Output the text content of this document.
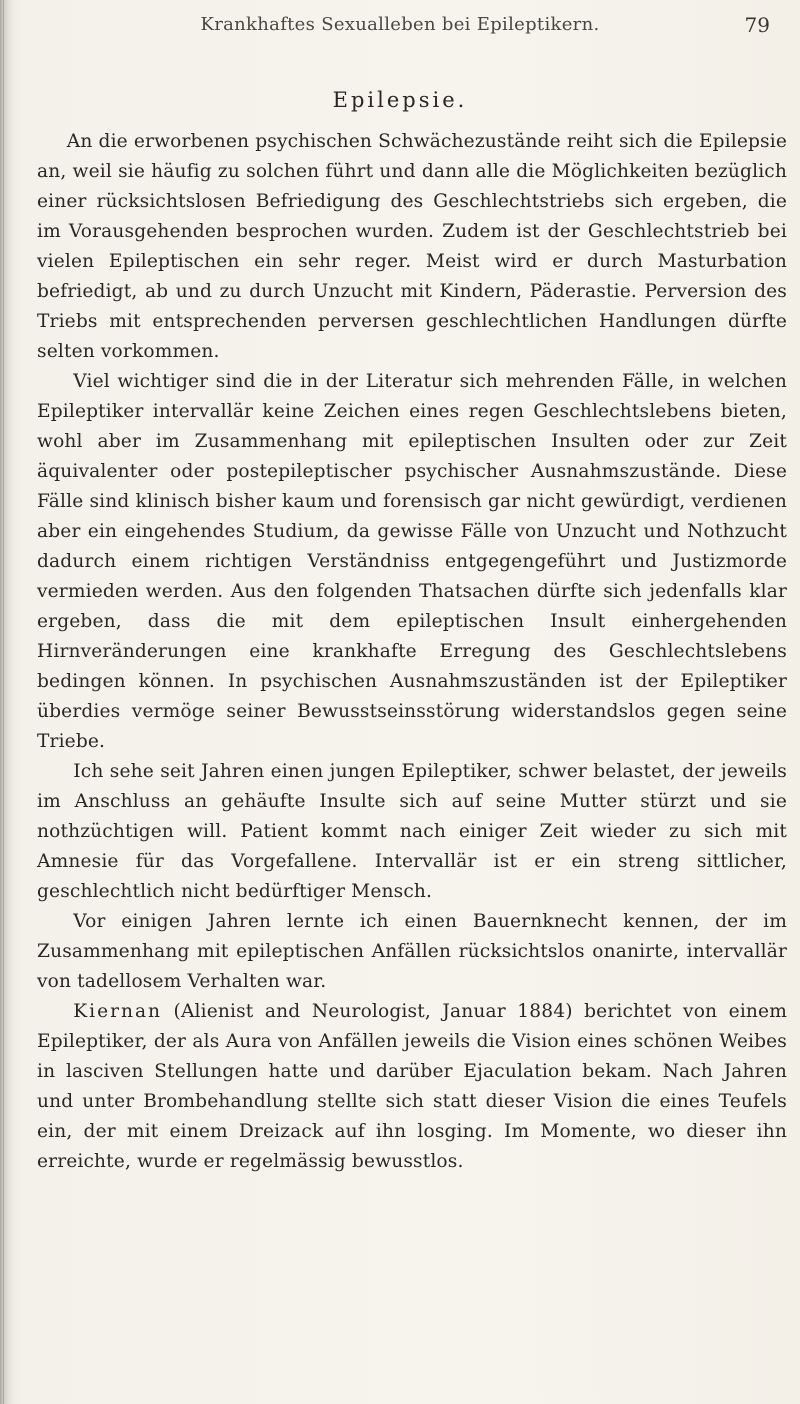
Krankhaftes Sexualleben bei Epileptikern.	79
Epilepsie.

An die erworbenen psychischen Schwächezustände reiht sich die Epilepsie an, weil sie häufig zu solchen führt und dann alle die Möglichkeiten bezüglich einer rücksichtslosen Befriedigung des Geschlechtstriebs sich ergeben, die im Vorausgehenden besprochen wurden. Zudem ist der Geschlechtstrieb bei vielen Epileptischen ein sehr reger. Meist wird er durch Masturbation befriedigt, ab und zu durch Unzucht mit Kindern, Päderastie. Perversion des Triebs mit entsprechenden perversen geschlechtlichen Handlungen dürfte selten vorkommen.

Viel wichtiger sind die in der Literatur sich mehrenden Fälle, in welchen Epileptiker intervallär keine Zeichen eines regen Geschlechtslebens bieten, wohl aber im Zusammenhang mit epileptischen Insulten oder zur Zeit äquivalenter oder postepileptischer psychischer Ausnahmszustände. Diese Fälle sind klinisch bisher kaum und forensisch gar nicht gewürdigt, verdienen aber ein eingehendes Studium, da gewisse Fälle von Unzucht und Nothzucht dadurch einem richtigen Verständniss entgegengeführt und Justizmorde vermieden werden. Aus den folgenden Thatsachen dürfte sich jedenfalls klar ergeben, dass die mit dem epileptischen Insult einhergehenden Hirnveränderungen eine krankhafte Erregung des Geschlechtslebens bedingen können. In psychischen Ausnahmszuständen ist der Epileptiker überdies vermöge seiner Bewusstseinsstörung widerstandslos gegen seine Triebe.

Ich sehe seit Jahren einen jungen Epileptiker, schwer belastet, der jeweils im Anschluss an gehäufte Insulte sich auf seine Mutter stürzt und sie nothzüchtigen will. Patient kommt nach einiger Zeit wieder zu sich mit Amnesie für das Vorgefallene. Intervallär ist er ein streng sittlicher, geschlechtlich nicht bedürftiger Mensch.

Vor einigen Jahren lernte ich einen Bauernknecht kennen, der im Zusammenhang mit epileptischen Anfällen rücksichtslos onanirte, intervallär von tadellosem Verhalten war.

Kiernan (Alienist and Neurologist, Januar 1884) berichtet von einem Epileptiker, der als Aura von Anfällen jeweils die Vision eines schönen Weibes in lasciven Stellungen hatte und darüber Ejaculation bekam. Nach Jahren und unter Brombehandlung stellte sich statt dieser Vision die eines Teufels ein, der mit einem Dreizack auf ihn losging. Im Momente, wo dieser ihn erreichte, wurde er regelmässig bewusstlos.
